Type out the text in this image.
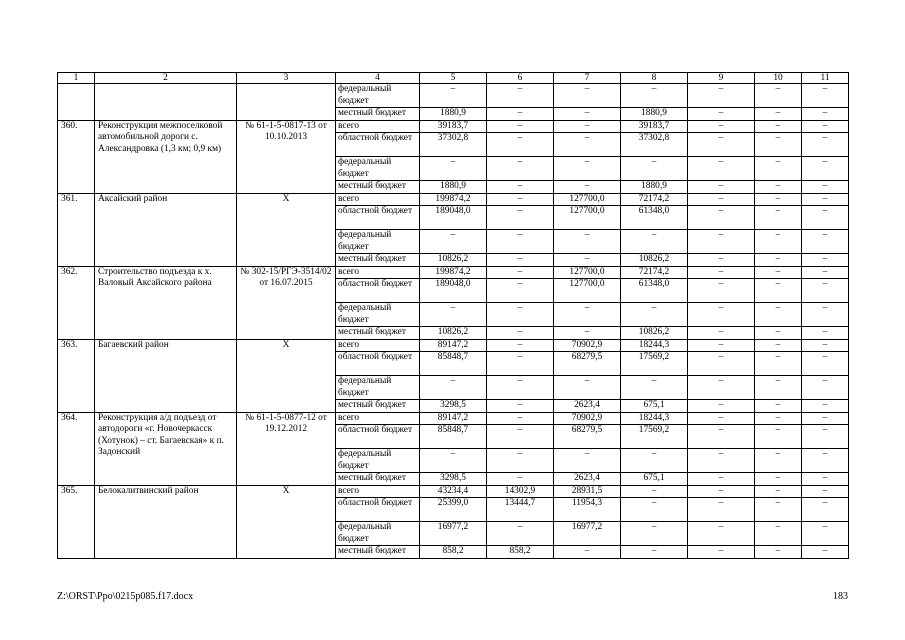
1	2	3	4	5	6	7	8	9	10	11
			федеральный бюджет	–	–	–	–	–	–	–
			местный бюджет	1880,9	–	–	1880,9	–	–	–
360.	Реконструкция межпоселковой автомобильной дороги с. Александровка (1,3 км; 0,9 км)	№ 61-1-5-0817-13 от 10.10.2013	всего	39183,7	–	–	39183,7	–	–	–
			областной бюджет	37302,8	–	–	37302,8	–	–	–
			федеральный бюджет	–	–	–	–	–	–	–
			местный бюджет	1880,9	–	–	1880,9	–	–	–
361.	Аксайский район	Х	всего	199874,2	–	127700,0	72174,2	–	–	–
			областной бюджет	189048,0	–	127700,0	61348,0	–	–	–
			федеральный бюджет	–	–	–	–	–	–	–
			местный бюджет	10826,2	–	–	10826,2	–	–	–
362.	Строительство подъезда к х. Валовый Аксайского района	№ 302-15/РГЭ-3514/02 от 16.07.2015	всего	199874,2	–	127700,0	72174,2	–	–	–
			областной бюджет	189048,0	–	127700,0	61348,0	–	–	–
			федеральный бюджет	–	–	–	–	–	–	–
			местный бюджет	10826,2	–	–	10826,2	–	–	–
363.	Багаевский район	Х	всего	89147,2	–	70902,9	18244,3	–	–	–
			областной бюджет	85848,7	–	68279,5	17569,2	–	–	–
			федеральный бюджет	–	–	–	–	–	–	–
			местный бюджет	3298,5	–	2623,4	675,1	–	–	–
364.	Реконструкция а/д подъезд от автодороги «г. Новочеркасск (Хотунок) – ст. Багаевская» к п. Задонский	№ 61-1-5-0877-12 от 19.12.2012	всего	89147,2	–	70902,9	18244,3	–	–	–
			областной бюджет	85848,7	–	68279,5	17569,2	–	–	–
			федеральный бюджет	–	–	–	–	–	–	–
			местный бюджет	3298,5	–	2623,4	675,1	–	–	–
365.	Белокалитвинский район	Х	всего	43234,4	14302,9	28931,5	–	–	–	–
			областной бюджет	25399,0	13444,7	11954,3	–	–	–	–
			федеральный бюджет	16977,2	–	16977,2	–	–	–	–
			местный бюджет	858,2	858,2	–	–	–	–	–
Z:\ORST\Ppo\0215p085.f17.docx	183
